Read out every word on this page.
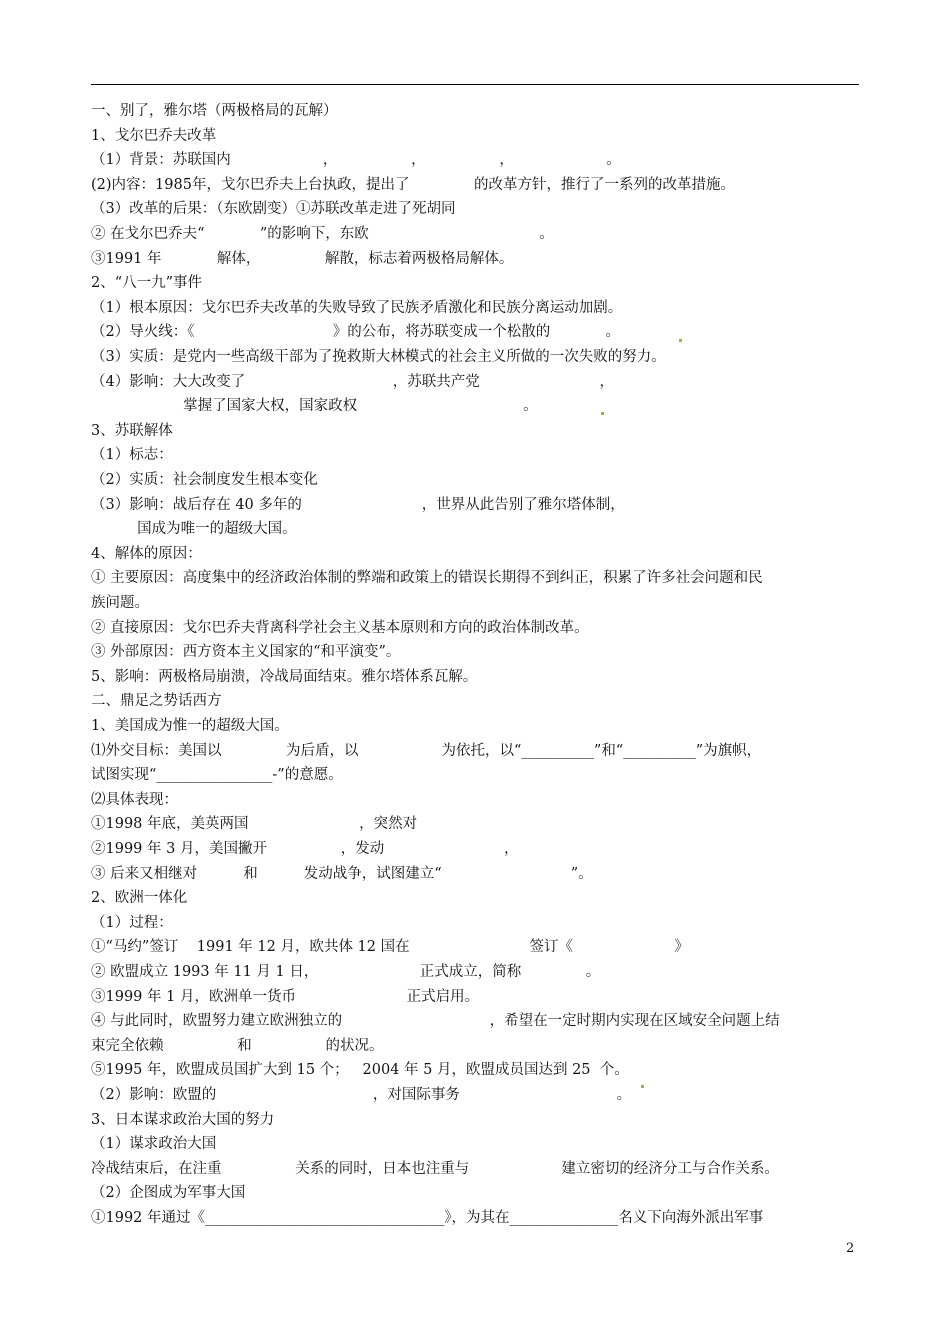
一、别了，雅尔塔（两极格局的瓦解）
1、戈尔巴乔夫改革
（1）背景：苏联国内                    ，                ，                ，                    。
(2)内容：1985年，戈尔巴乔夫上台执政，提出了              的改革方针，推行了一系列的改革措施。
（3）改革的后果：（东欧剧变）①苏联改革走进了死胡同
② 在戈尔巴乔夫“            ”的影响下，东欧                                     。
③1991 年            解体，              解散，标志着两极格局解体。
2、“八一九”事件
（1）根本原因：戈尔巴乔夫改革的失败导致了民族矛盾激化和民族分离运动加剧。
（2）导火线：《                              》的公布，将苏联变成一个松散的            。
（3）实质：是党内一些高级干部为了挽救斯大林模式的社会主义所做的一次失败的努力。
（4）影响：大大改变了                                ，苏联共产党                          ，
掌握了国家大权，国家政权                                    。
3、苏联解体
（1）标志：
（2）实质：社会制度发生根本变化
（3）影响：战后存在 40 多年的                          ，世界从此告别了雅尔塔体制，
国成为唯一的超级大国。
4、解体的原因：
① 主要原因：高度集中的经济政治体制的弊端和政策上的错误长期得不到纠正，积累了许多社会问题和民
族问题。
② 直接原因：戈尔巴乔夫背离科学社会主义基本原则和方向的政治体制改革。
③ 外部原因：西方资本主义国家的“和平演变”。
5、影响：两极格局崩溃，冷战局面结束。雅尔塔体系瓦解。
二、鼎足之势话西方
1、美国成为惟一的超级大国。
⑴外交目标：美国以              为后盾，以                  为依托，以“__________”和“__________”为旗帜，
试图实现“________________-”的意愿。
⑵具体表现：
①1998 年底，美英两国                        ，突然对
②1999 年 3 月，美国撇开                ，发动                          ，
③ 后来又相继对          和          发动战争，试图建立“                            ”。
2、欧洲一体化
（1）过程：
①“马约”签订    1991 年 12 月，欧共体 12 国在                          签订《                      》
② 欧盟成立 1993 年 11 月 1 日，                      正式成立，简称              。
③1999 年 1 月，欧洲单一货币                        正式启用。
④ 与此同时，欧盟努力建立欧洲独立的                                ，希望在一定时期内实现在区域安全问题上结
束完全依赖                和                的状况。
⑤1995 年，欧盟成员国扩大到 15 个；   2004 年 5 月，欧盟成员国达到 25  个。
（2）影响：欧盟的                                  ，对国际事务                                  。
3、日本谋求政治大国的努力
（1）谋求政治大国
冷战结束后，在注重                关系的同时，日本也注重与                    建立密切的经济分工与合作关系。
（2）企图成为军事大国
①1992 年通过《_________________________________》，为其在_______________名义下向海外派出军事
2
